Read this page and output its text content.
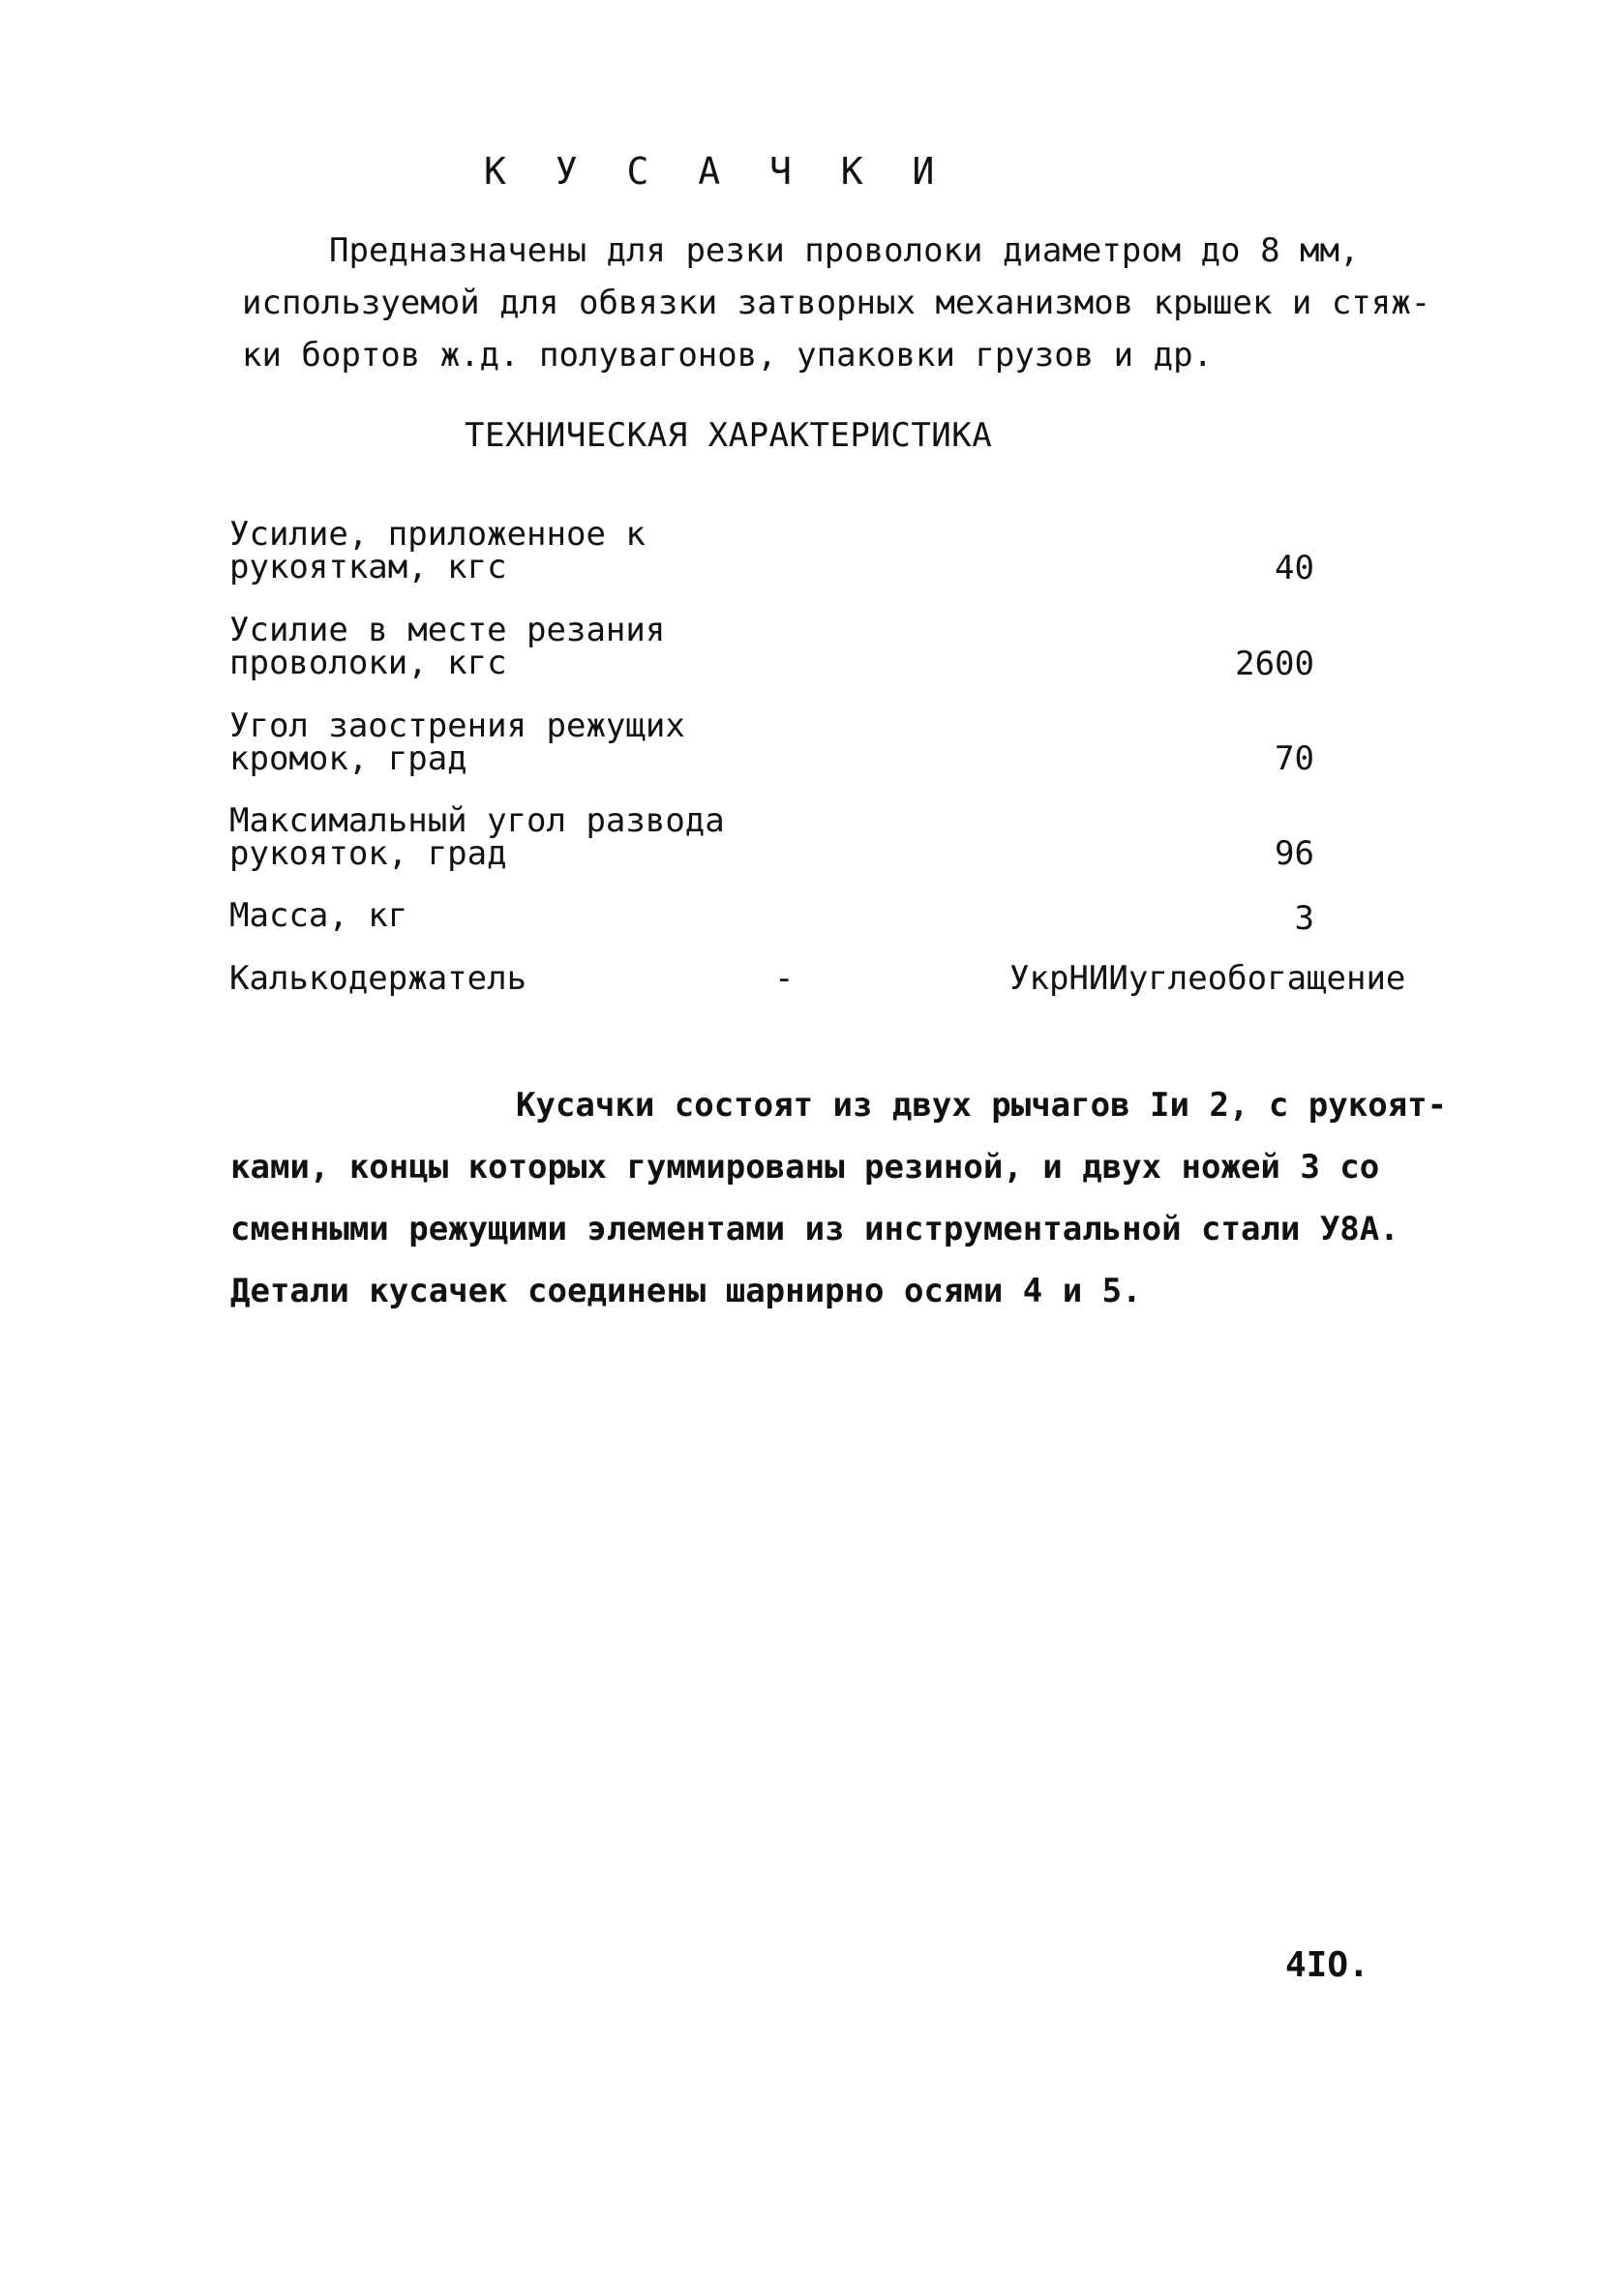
К У С А Ч К И
Предназначены для резки проволоки диаметром до 8 мм,
используемой для обвязки затворных механизмов крышек и стяж-
ки бортов ж.д. полувагонов, упаковки грузов и др.
ТЕХНИЧЕСКАЯ ХАРАКТЕРИСТИКА
Усилие, приложенное к
рукояткам, кгс	40
Усилие в месте резания
проволоки, кгс	2600
Угол заострения режущих
кромок, град	70
Максимальный угол развода
рукояток, град	96
Масса, кг	3
Калькодержатель	-	УкрНИИуглеобогащение
Кусачки состоят из двух рычагов Iи 2, с рукоят-
ками, концы которых гуммированы резиной, и двух ножей 3 со
сменными режущими элементами из инструментальной стали У8А.
Детали кусачек соединены шарнирно осями 4 и 5.
4IO.
